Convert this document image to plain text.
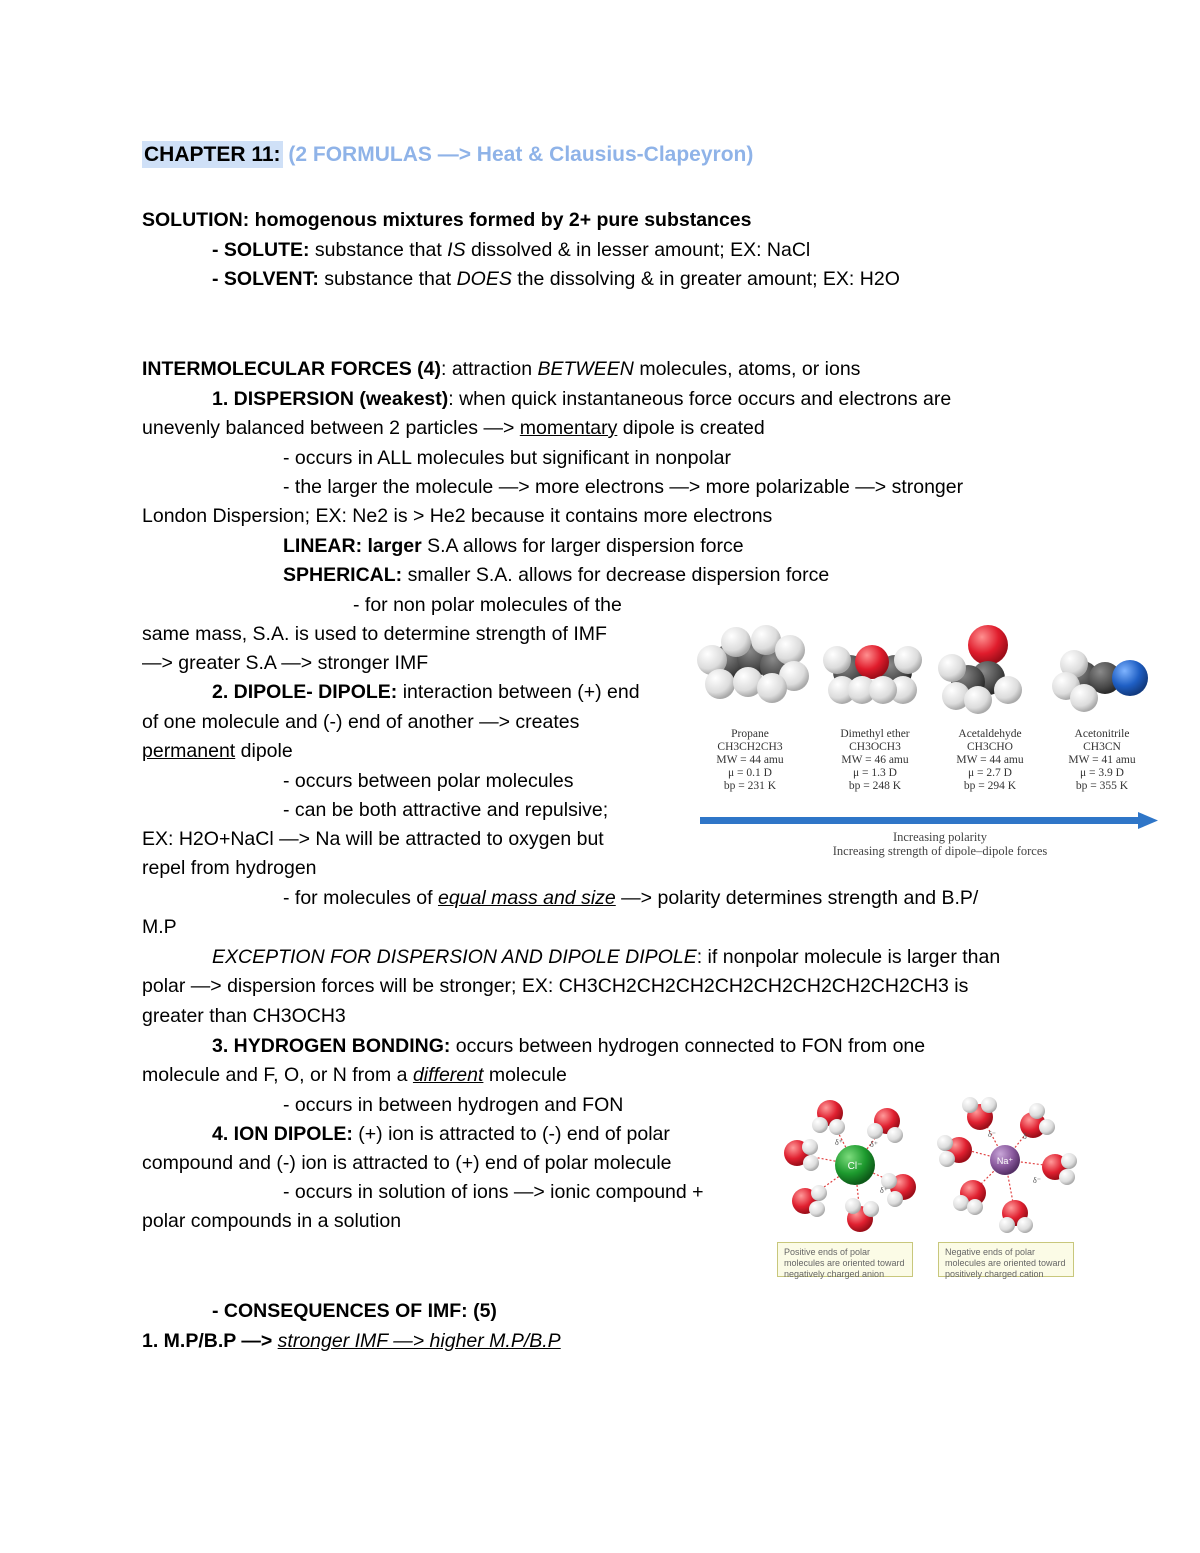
CHAPTER 11: (2 FORMULAS —> Heat & Clausius-Clapeyron)
SOLUTION: homogenous mixtures formed by 2+ pure substances
- SOLUTE: substance that IS dissolved & in lesser amount; EX: NaCl
- SOLVENT: substance that DOES the dissolving & in greater amount; EX: H2O
INTERMOLECULAR FORCES (4): attraction BETWEEN molecules, atoms, or ions
1. DISPERSION (weakest): when quick instantaneous force occurs and electrons are
unevenly balanced between 2 particles —> momentary dipole is created
- occurs in ALL molecules but significant in nonpolar
- the larger the molecule —> more electrons —> more polarizable —> stronger
London Dispersion; EX: Ne2 is > He2 because it contains more electrons
LINEAR: larger S.A allows for larger dispersion force
SPHERICAL: smaller S.A. allows for decrease dispersion force
- for non polar molecules of the
same mass, S.A. is used to determine strength of IMF
—> greater S.A —> stronger IMF
2. DIPOLE- DIPOLE: interaction between (+) end
of one molecule and (-) end of another —> creates
permanent dipole
- occurs between polar molecules
- can be both attractive and repulsive;
EX: H2O+NaCl —> Na will be attracted to oxygen but
repel from hydrogen
- for molecules of equal mass and size —> polarity determines strength and B.P/
M.P
EXCEPTION FOR DISPERSION AND DIPOLE DIPOLE: if nonpolar molecule is larger than
polar —> dispersion forces will be stronger; EX: CH3CH2CH2CH2CH2CH2CH2CH2CH2CH3 is
greater than CH3OCH3
3. HYDROGEN BONDING: occurs between hydrogen connected to FON from one
molecule and F, O, or N from a different molecule
- occurs in between hydrogen and FON
4. ION DIPOLE: (+) ion is attracted to (-) end of polar
compound and (-) ion is attracted to (+) end of polar molecule
- occurs in solution of ions —> ionic compound +
polar compounds in a solution
- CONSEQUENCES OF IMF: (5)
1. M.P/B.P —> stronger IMF —> higher M.P/B.P
Propane
CH3CH2CH3
MW = 44 amu
μ = 0.1 D
bp = 231 K
Dimethyl ether
CH3OCH3
MW = 46 amu
μ = 1.3 D
bp = 248 K
Acetaldehyde
CH3CHO
MW = 44 amu
μ = 2.7 D
bp = 294 K
Acetonitrile
CH3CN
MW = 41 amu
μ = 3.9 D
bp = 355 K
Increasing polarity
Increasing strength of dipole–dipole forces
Cl⁻	Na⁺
δ⁺	δ⁺
δ⁺
δ⁻	δ⁻
δ⁻
Positive ends of polar molecules are oriented toward negatively charged anion
Negative ends of polar molecules are oriented toward positively charged cation
